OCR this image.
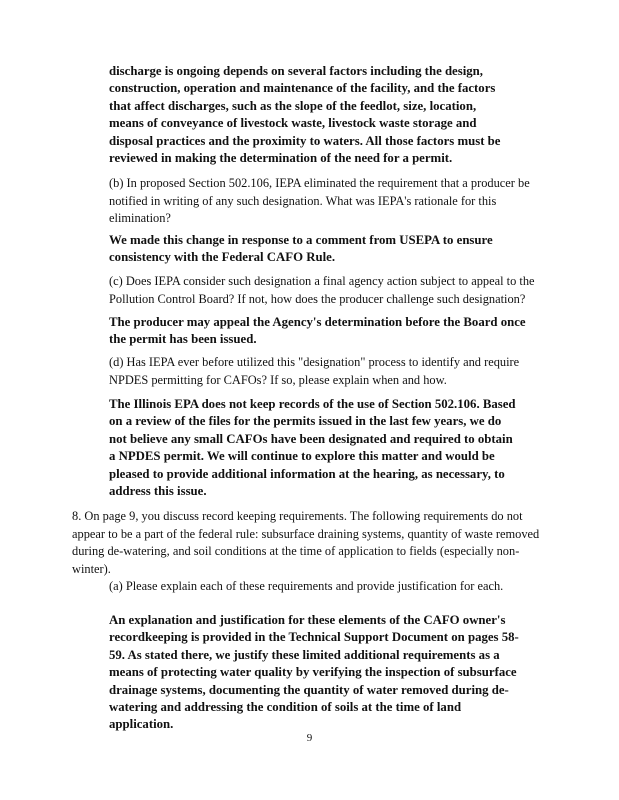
discharge is ongoing depends on several factors including the design, construction, operation and maintenance of the facility, and the factors that affect discharges, such as the slope of the feedlot, size, location, means of conveyance of livestock waste, livestock waste storage and disposal practices and the proximity to waters. All those factors must be reviewed in making the determination of the need for a permit.

(b) In proposed Section 502.106, IEPA eliminated the requirement that a producer be notified in writing of any such designation. What was IEPA's rationale for this elimination?

We made this change in response to a comment from USEPA to ensure consistency with the Federal CAFO Rule.

(c) Does IEPA consider such designation a final agency action subject to appeal to the Pollution Control Board? If not, how does the producer challenge such designation?

The producer may appeal the Agency's determination before the Board once the permit has been issued.

(d) Has IEPA ever before utilized this "designation" process to identify and require NPDES permitting for CAFOs? If so, please explain when and how.

The Illinois EPA does not keep records of the use of Section 502.106. Based on a review of the files for the permits issued in the last few years, we do not believe any small CAFOs have been designated and required to obtain a NPDES permit. We will continue to explore this matter and would be pleased to provide additional information at the hearing, as necessary, to address this issue.

8. On page 9, you discuss record keeping requirements. The following requirements do not appear to be a part of the federal rule: subsurface draining systems, quantity of waste removed during de-watering, and soil conditions at the time of application to fields (especially non-winter).

(a) Please explain each of these requirements and provide justification for each.

An explanation and justification for these elements of the CAFO owner's recordkeeping is provided in the Technical Support Document on pages 58-59. As stated there, we justify these limited additional requirements as a means of protecting water quality by verifying the inspection of subsurface drainage systems, documenting the quantity of water removed during de-watering and addressing the condition of soils at the time of land application.

9
